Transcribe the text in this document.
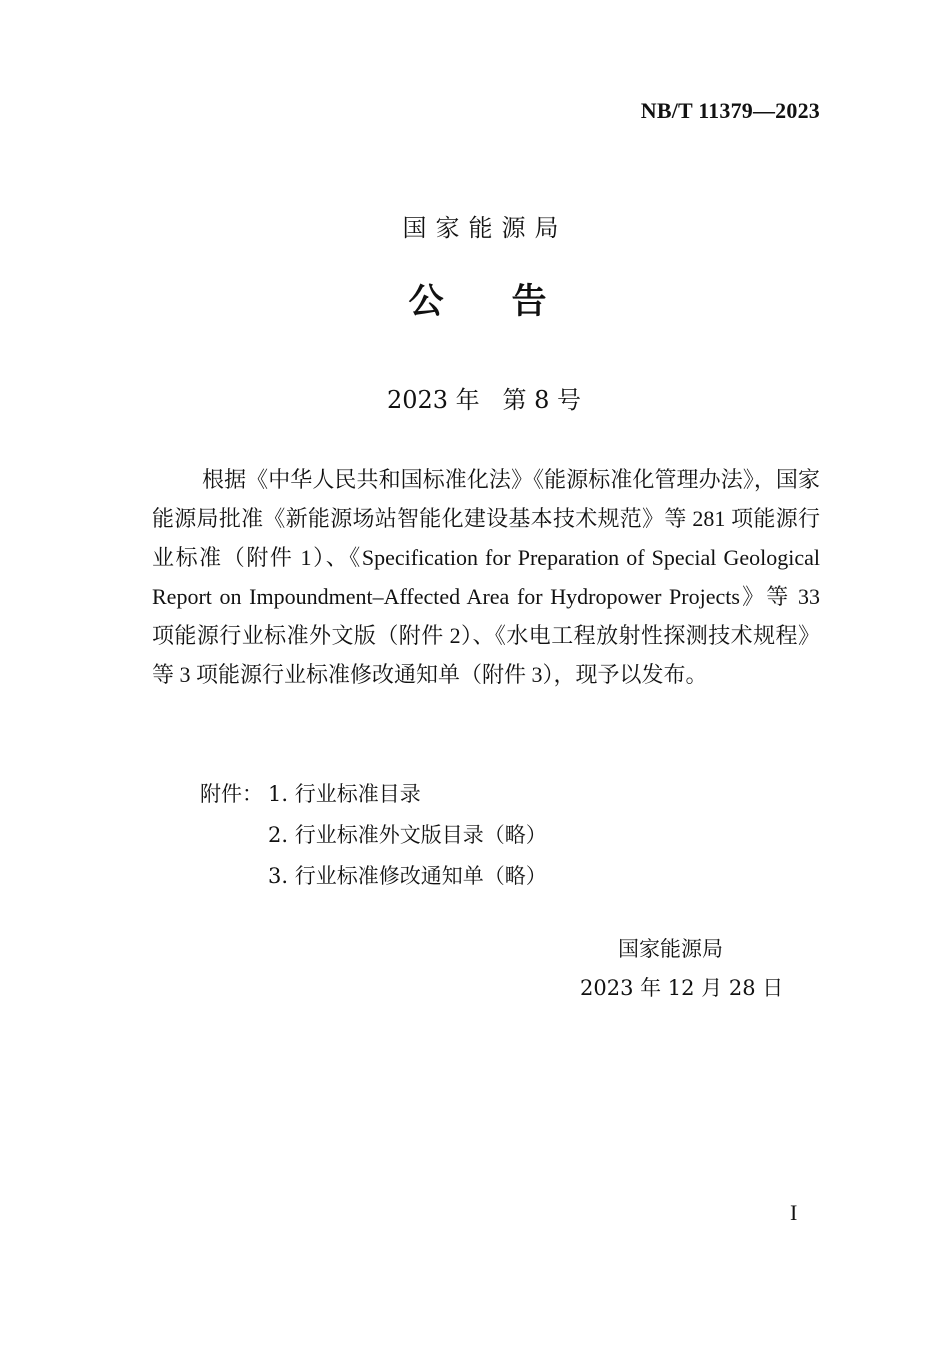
NB/T 11379—2023
国家能源局
公告
2023 年   第 8 号

根据《中华人民共和国标准化法》《能源标准化管理办法》，国家能源局批准《新能源场站智能化建设基本技术规范》等 281 项能源行业标准（附件 1）、《Specification for Preparation of Special Geological Report on Impoundment–Affected Area for Hydropower Projects》等 33 项能源行业标准外文版（附件 2）、《水电工程放射性探测技术规程》等 3 项能源行业标准修改通知单（附件 3），现予以发布。

附件： 1. 行业标准目录
2. 行业标准外文版目录（略）
3. 行业标准修改通知单（略）
国家能源局
2023 年 12 月 28 日
I
